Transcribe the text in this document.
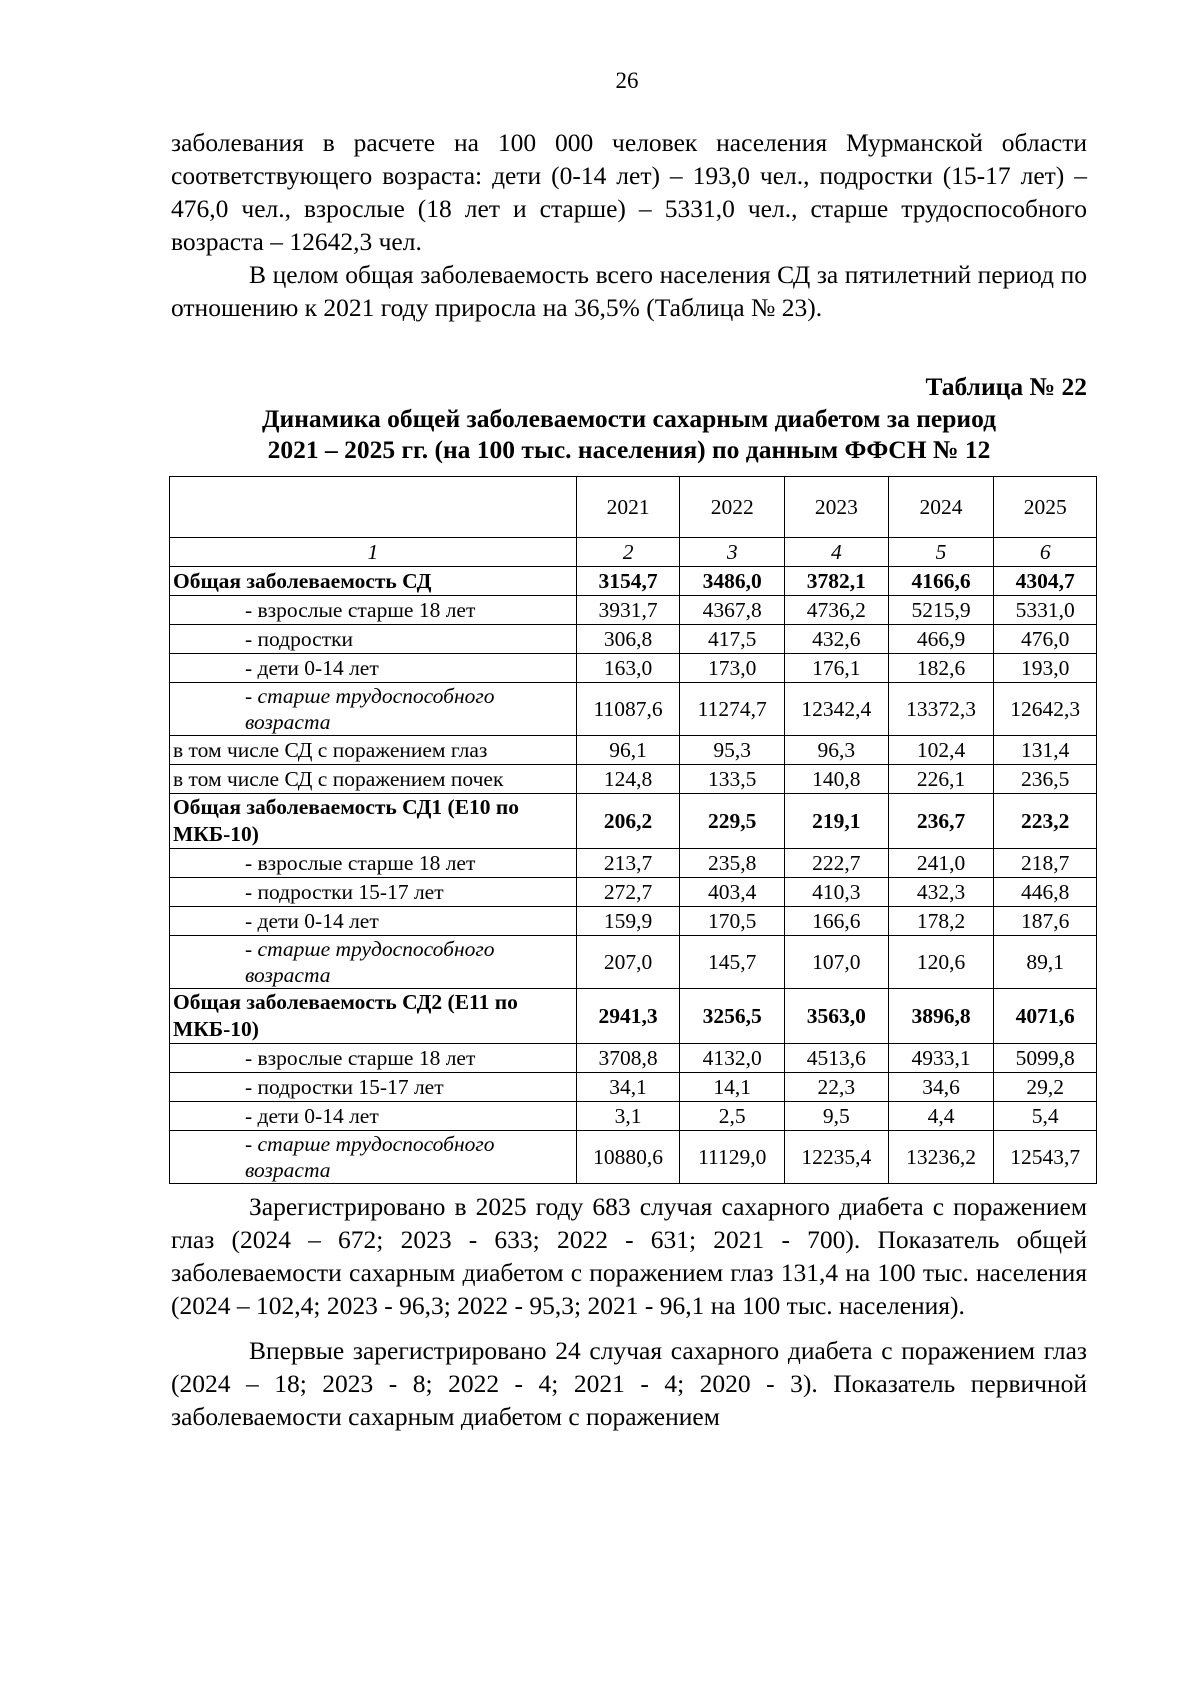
26

заболевания в расчете на 100 000 человек населения Мурманской области соответствующего возраста: дети (0-14 лет) – 193,0 чел., подростки (15-17 лет) – 476,0 чел., взрослые (18 лет и старше) – 5331,0 чел., старше трудоспособного возраста – 12642,3 чел.

В целом общая заболеваемость всего населения СД за пятилетний период по отношению к 2021 году приросла на 36,5% (Таблица № 23).

Таблица № 22
Динамика общей заболеваемости сахарным диабетом за период
2021 – 2025 гг. (на 100 тыс. населения) по данным ФФСН № 12
	2021	2022	2023	2024	2025
1	2	3	4	5	6
Общая заболеваемость СД	3154,7	3486,0	3782,1	4166,6	4304,7
- взрослые старше 18 лет	3931,7	4367,8	4736,2	5215,9	5331,0
- подростки	306,8	417,5	432,6	466,9	476,0
- дети 0-14 лет	163,0	173,0	176,1	182,6	193,0
- старше трудоспособного возраста	11087,6	11274,7	12342,4	13372,3	12642,3
в том числе СД с поражением глаз	96,1	95,3	96,3	102,4	131,4
в том числе СД с поражением почек	124,8	133,5	140,8	226,1	236,5
Общая заболеваемость СД1 (Е10 по МКБ-10)	206,2	229,5	219,1	236,7	223,2
- взрослые старше 18 лет	213,7	235,8	222,7	241,0	218,7
- подростки 15-17 лет	272,7	403,4	410,3	432,3	446,8
- дети 0-14 лет	159,9	170,5	166,6	178,2	187,6
- старше трудоспособного возраста	207,0	145,7	107,0	120,6	89,1
Общая заболеваемость СД2 (Е11 по МКБ-10)	2941,3	3256,5	3563,0	3896,8	4071,6
- взрослые старше 18 лет	3708,8	4132,0	4513,6	4933,1	5099,8
- подростки 15-17 лет	34,1	14,1	22,3	34,6	29,2
- дети 0-14 лет	3,1	2,5	9,5	4,4	5,4
- старше трудоспособного возраста	10880,6	11129,0	12235,4	13236,2	12543,7

Зарегистрировано в 2025 году 683 случая сахарного диабета с поражением глаз (2024 – 672; 2023 - 633; 2022 - 631; 2021 - 700). Показатель общей заболеваемости сахарным диабетом с поражением глаз 131,4 на 100 тыс. населения (2024 – 102,4; 2023 - 96,3; 2022 - 95,3; 2021 - 96,1 на 100 тыс. населения).

Впервые зарегистрировано 24 случая сахарного диабета с поражением глаз (2024 – 18; 2023 - 8; 2022 - 4; 2021 - 4; 2020 - 3). Показатель первичной заболеваемости сахарным диабетом с поражением
